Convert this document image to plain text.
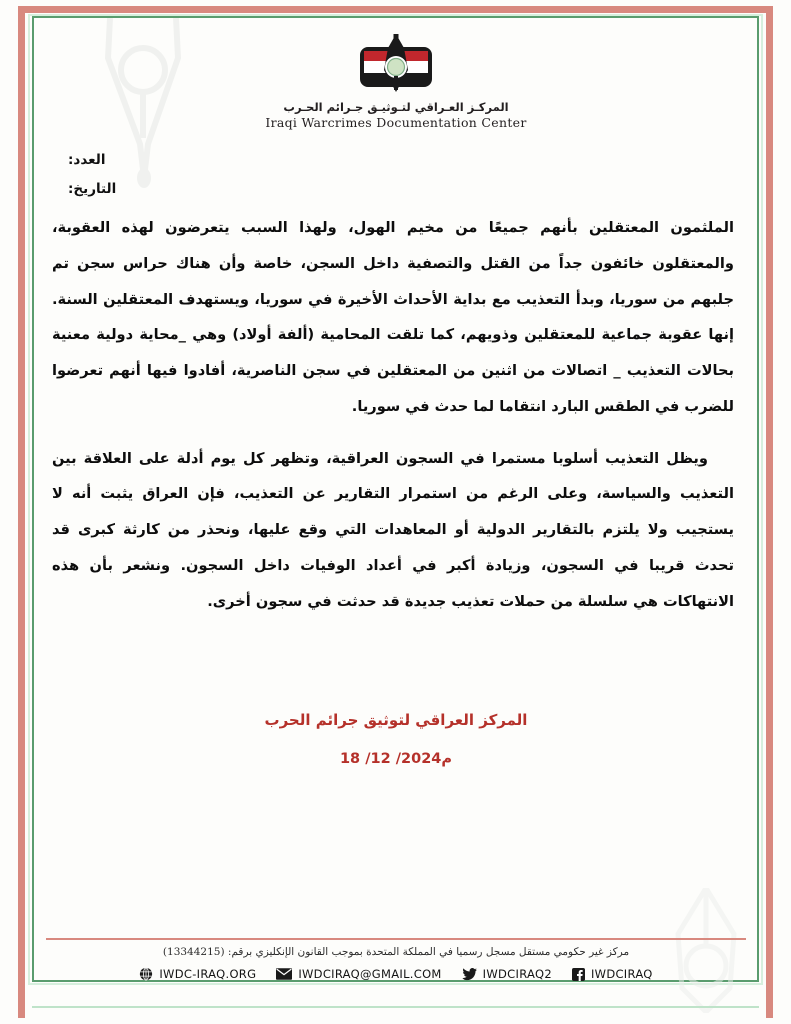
المركـز العـراقي لتـوثيـق جـرائم الحـرب
Iraqi Warcrimes Documentation Center
العدد:
التاريخ:

الملثمون المعتقلين بأنهم جميعًا من مخيم الهول، ولهذا السبب يتعرضون لهذه العقوبة، والمعتقلون خائفون جداً من القتل والتصفية داخل السجن، خاصة وأن هناك حراس سجن تم جلبهم من سوريا، وبدأ التعذيب مع بداية الأحداث الأخيرة في سوريا، ويستهدف المعتقلين السنة. إنها عقوبة جماعية للمعتقلين وذويهم، كما تلقت المحامية (ألفة أولاد) وهي _محاية دولية معنية بحالات التعذيب _ اتصالات من اثنين من المعتقلين في سجن الناصرية، أفادوا فيها أنهم تعرضوا للضرب في الطقس البارد انتقاما لما حدث في سوريا.

ويظل التعذيب أسلوبا مستمرا في السجون العراقية، وتظهر كل يوم أدلة على العلاقة بين التعذيب والسياسة، وعلى الرغم من استمرار التقارير عن التعذيب، فإن العراق يثبت أنه لا يستجيب ولا يلتزم بالتقارير الدولية أو المعاهدات التي وقع عليها، ونحذر من كارثة كبرى قد تحدث قريبا في السجون، وزيادة أكبر في أعداد الوفيات داخل السجون. ونشعر بأن هذه الانتهاكات هي سلسلة من حملات تعذيب جديدة قد حدثت في سجون أخرى.

المركز العراقي لتوثيق جرائم الحرب
18 /12 /2024م
مركز غير حكومي مستقل مسجل رسميا في المملكة المتحدة بموجب القانون الإنكليزي برقم: (13344215)
IWDC-IRAQ.ORG	IWDCIRAQ@GMAIL.COM	IWDCIRAQ2	IWDCIRAQ
